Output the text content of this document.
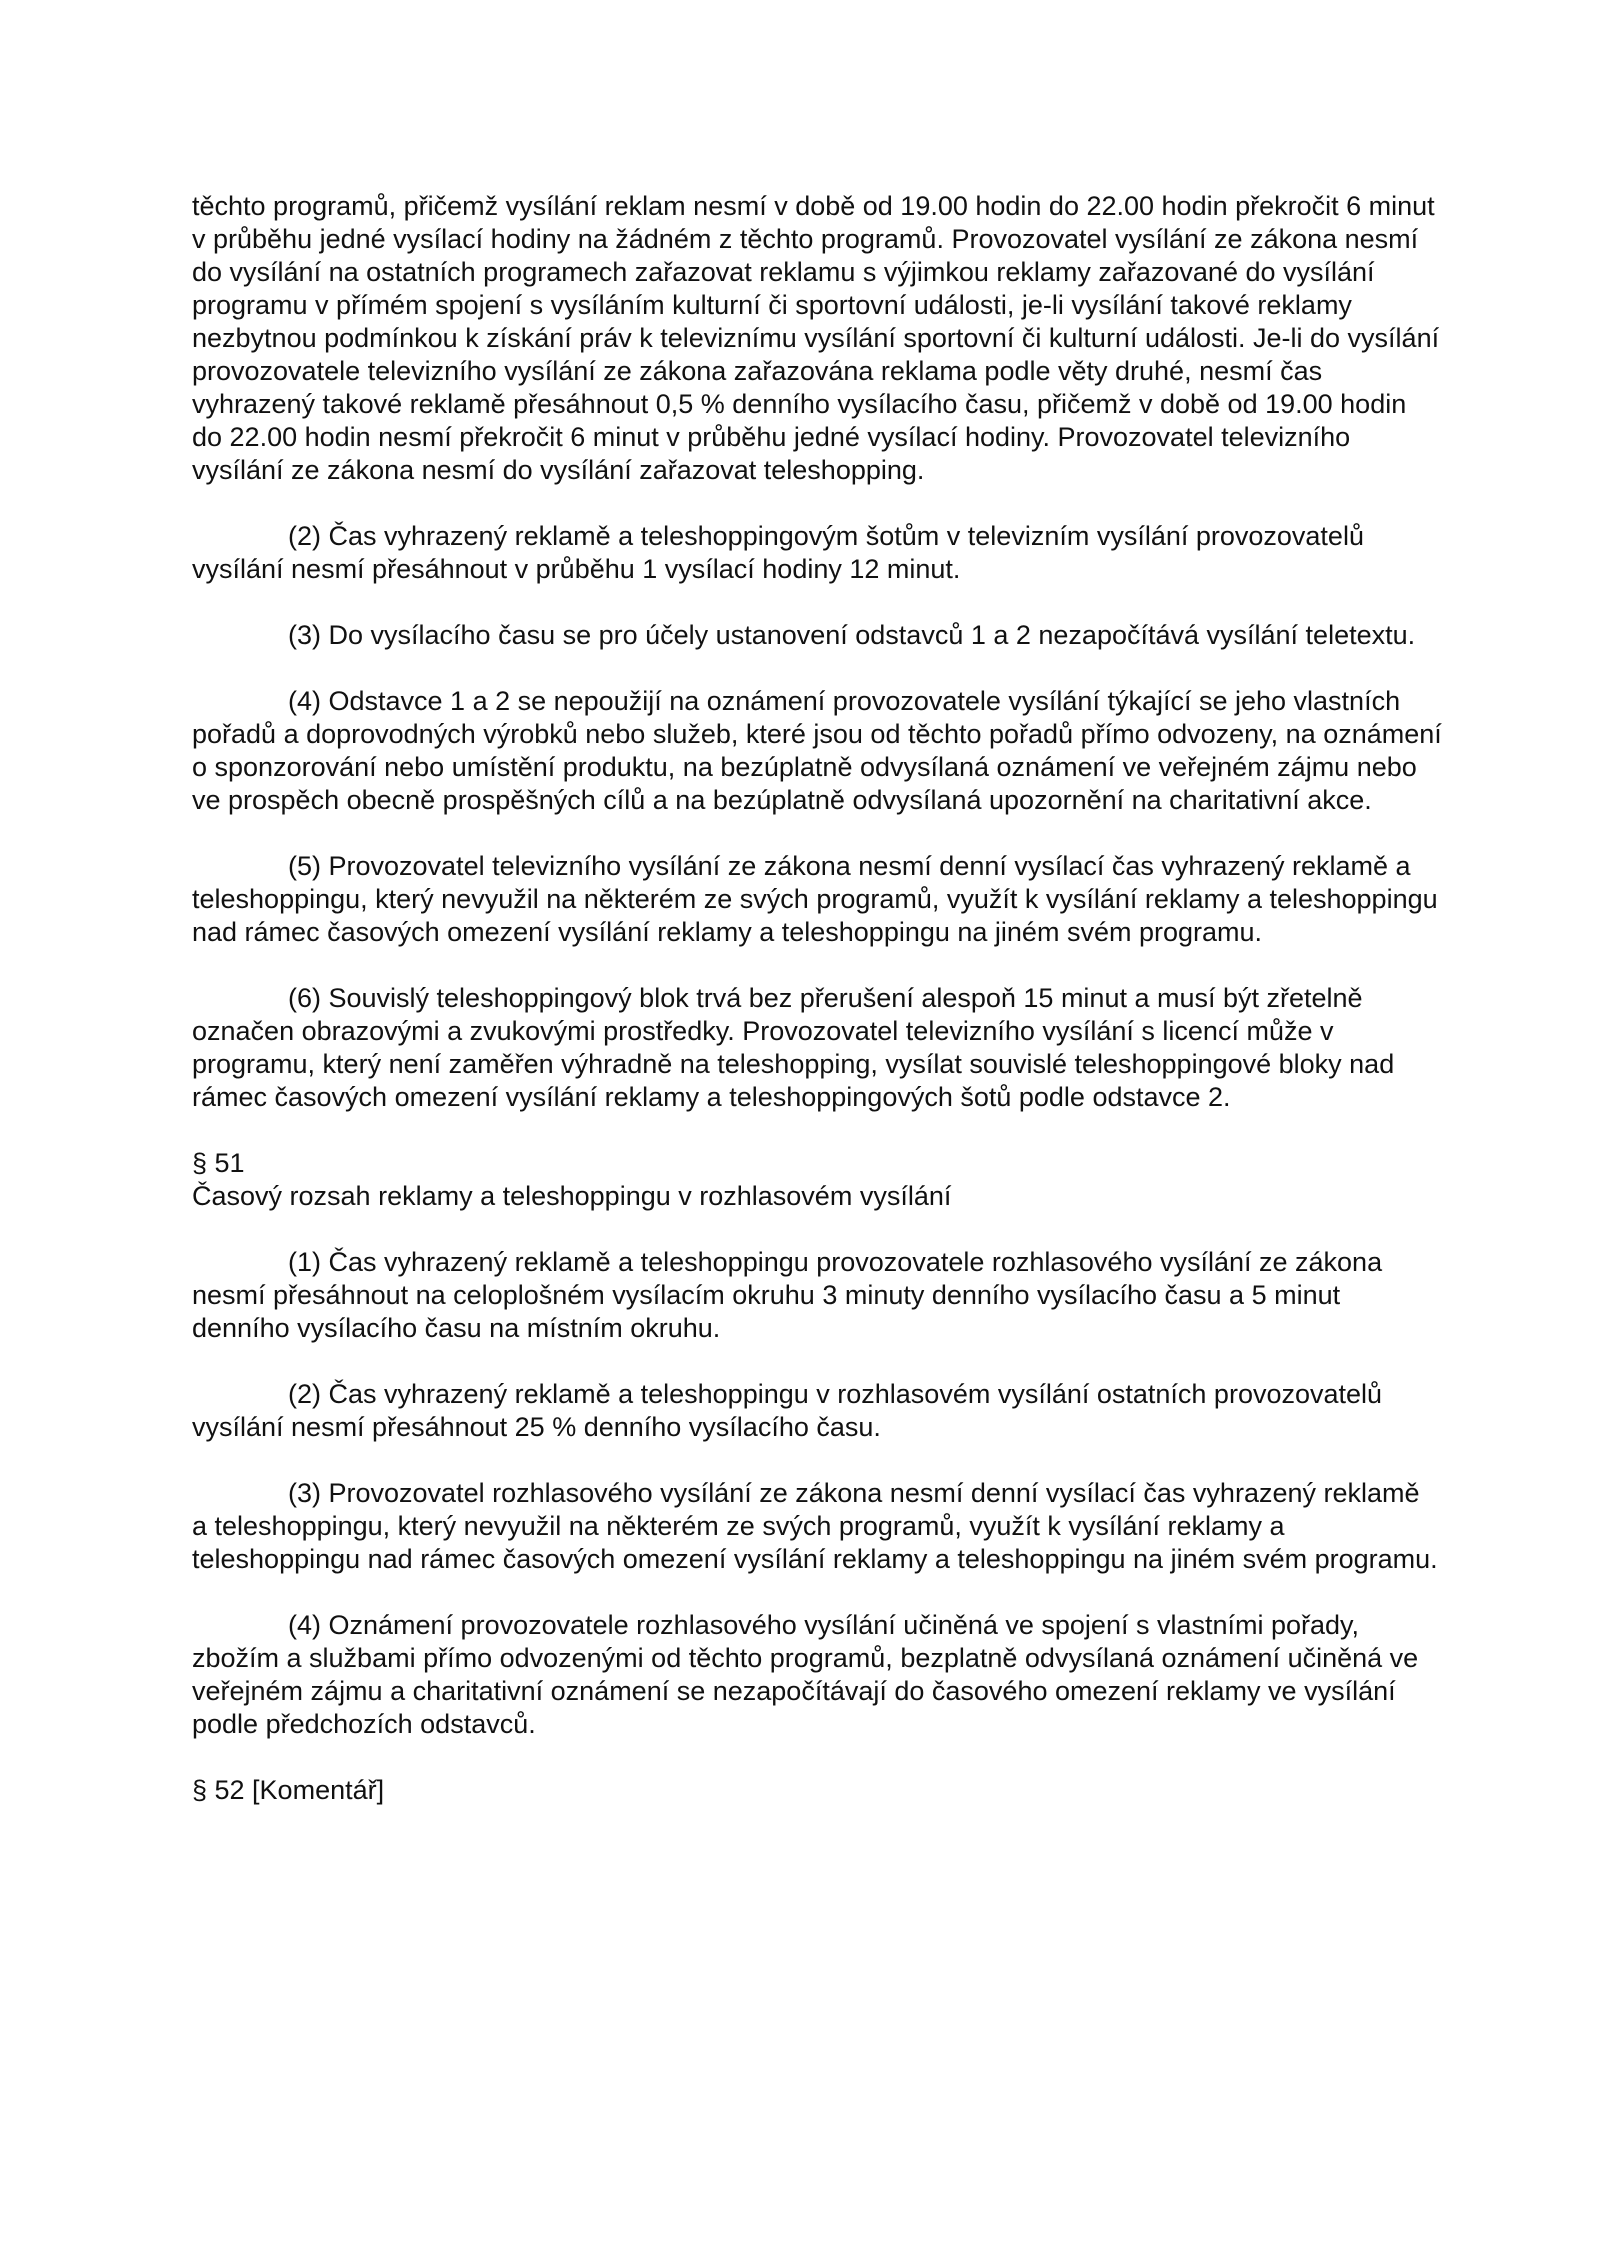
těchto programů, přičemž vysílání reklam nesmí v době od 19.00 hodin do 22.00 hodin překročit 6 minut v průběhu jedné vysílací hodiny na žádném z těchto programů. Provozovatel vysílání ze zákona nesmí do vysílání na ostatních programech zařazovat reklamu s výjimkou reklamy zařazované do vysílání programu v přímém spojení s vysíláním kulturní či sportovní události, je-li vysílání takové reklamy nezbytnou podmínkou k získání práv k televiznímu vysílání sportovní či kulturní události. Je-li do vysílání provozovatele televizního vysílání ze zákona zařazována reklama podle věty druhé, nesmí čas vyhrazený takové reklamě přesáhnout 0,5 % denního vysílacího času, přičemž v době od 19.00 hodin do 22.00 hodin nesmí překročit 6 minut v průběhu jedné vysílací hodiny. Provozovatel televizního vysílání ze zákona nesmí do vysílání zařazovat teleshopping.

(2) Čas vyhrazený reklamě a teleshoppingovým šotům v televizním vysílání provozovatelů vysílání nesmí přesáhnout v průběhu 1 vysílací hodiny 12 minut.

(3) Do vysílacího času se pro účely ustanovení odstavců 1 a 2 nezapočítává vysílání teletextu.

(4) Odstavce 1 a 2 se nepoužijí na oznámení provozovatele vysílání týkající se jeho vlastních pořadů a doprovodných výrobků nebo služeb, které jsou od těchto pořadů přímo odvozeny, na oznámení o sponzorování nebo umístění produktu, na bezúplatně odvysílaná oznámení ve veřejném zájmu nebo ve prospěch obecně prospěšných cílů a na bezúplatně odvysílaná upozornění na charitativní akce.

(5) Provozovatel televizního vysílání ze zákona nesmí denní vysílací čas vyhrazený reklamě a teleshoppingu, který nevyužil na některém ze svých programů, využít k vysílání reklamy a teleshoppingu nad rámec časových omezení vysílání reklamy a teleshoppingu na jiném svém programu.

(6) Souvislý teleshoppingový blok trvá bez přerušení alespoň 15 minut a musí být zřetelně označen obrazovými a zvukovými prostředky. Provozovatel televizního vysílání s licencí může v programu, který není zaměřen výhradně na teleshopping, vysílat souvislé teleshoppingové bloky nad rámec časových omezení vysílání reklamy a teleshoppingových šotů podle odstavce 2.

§ 51
Časový rozsah reklamy a teleshoppingu v rozhlasovém vysílání

(1) Čas vyhrazený reklamě a teleshoppingu provozovatele rozhlasového vysílání ze zákona nesmí přesáhnout na celoplošném vysílacím okruhu 3 minuty denního vysílacího času a 5 minut denního vysílacího času na místním okruhu.

(2) Čas vyhrazený reklamě a teleshoppingu v rozhlasovém vysílání ostatních provozovatelů vysílání nesmí přesáhnout 25 % denního vysílacího času.

(3) Provozovatel rozhlasového vysílání ze zákona nesmí denní vysílací čas vyhrazený reklamě a teleshoppingu, který nevyužil na některém ze svých programů, využít k vysílání reklamy a teleshoppingu nad rámec časových omezení vysílání reklamy a teleshoppingu na jiném svém programu.

(4) Oznámení provozovatele rozhlasového vysílání učiněná ve spojení s vlastními pořady, zbožím a službami přímo odvozenými od těchto programů, bezplatně odvysílaná oznámení učiněná ve veřejném zájmu a charitativní oznámení se nezapočítávají do časového omezení reklamy ve vysílání podle předchozích odstavců.

§ 52 [Komentář]
